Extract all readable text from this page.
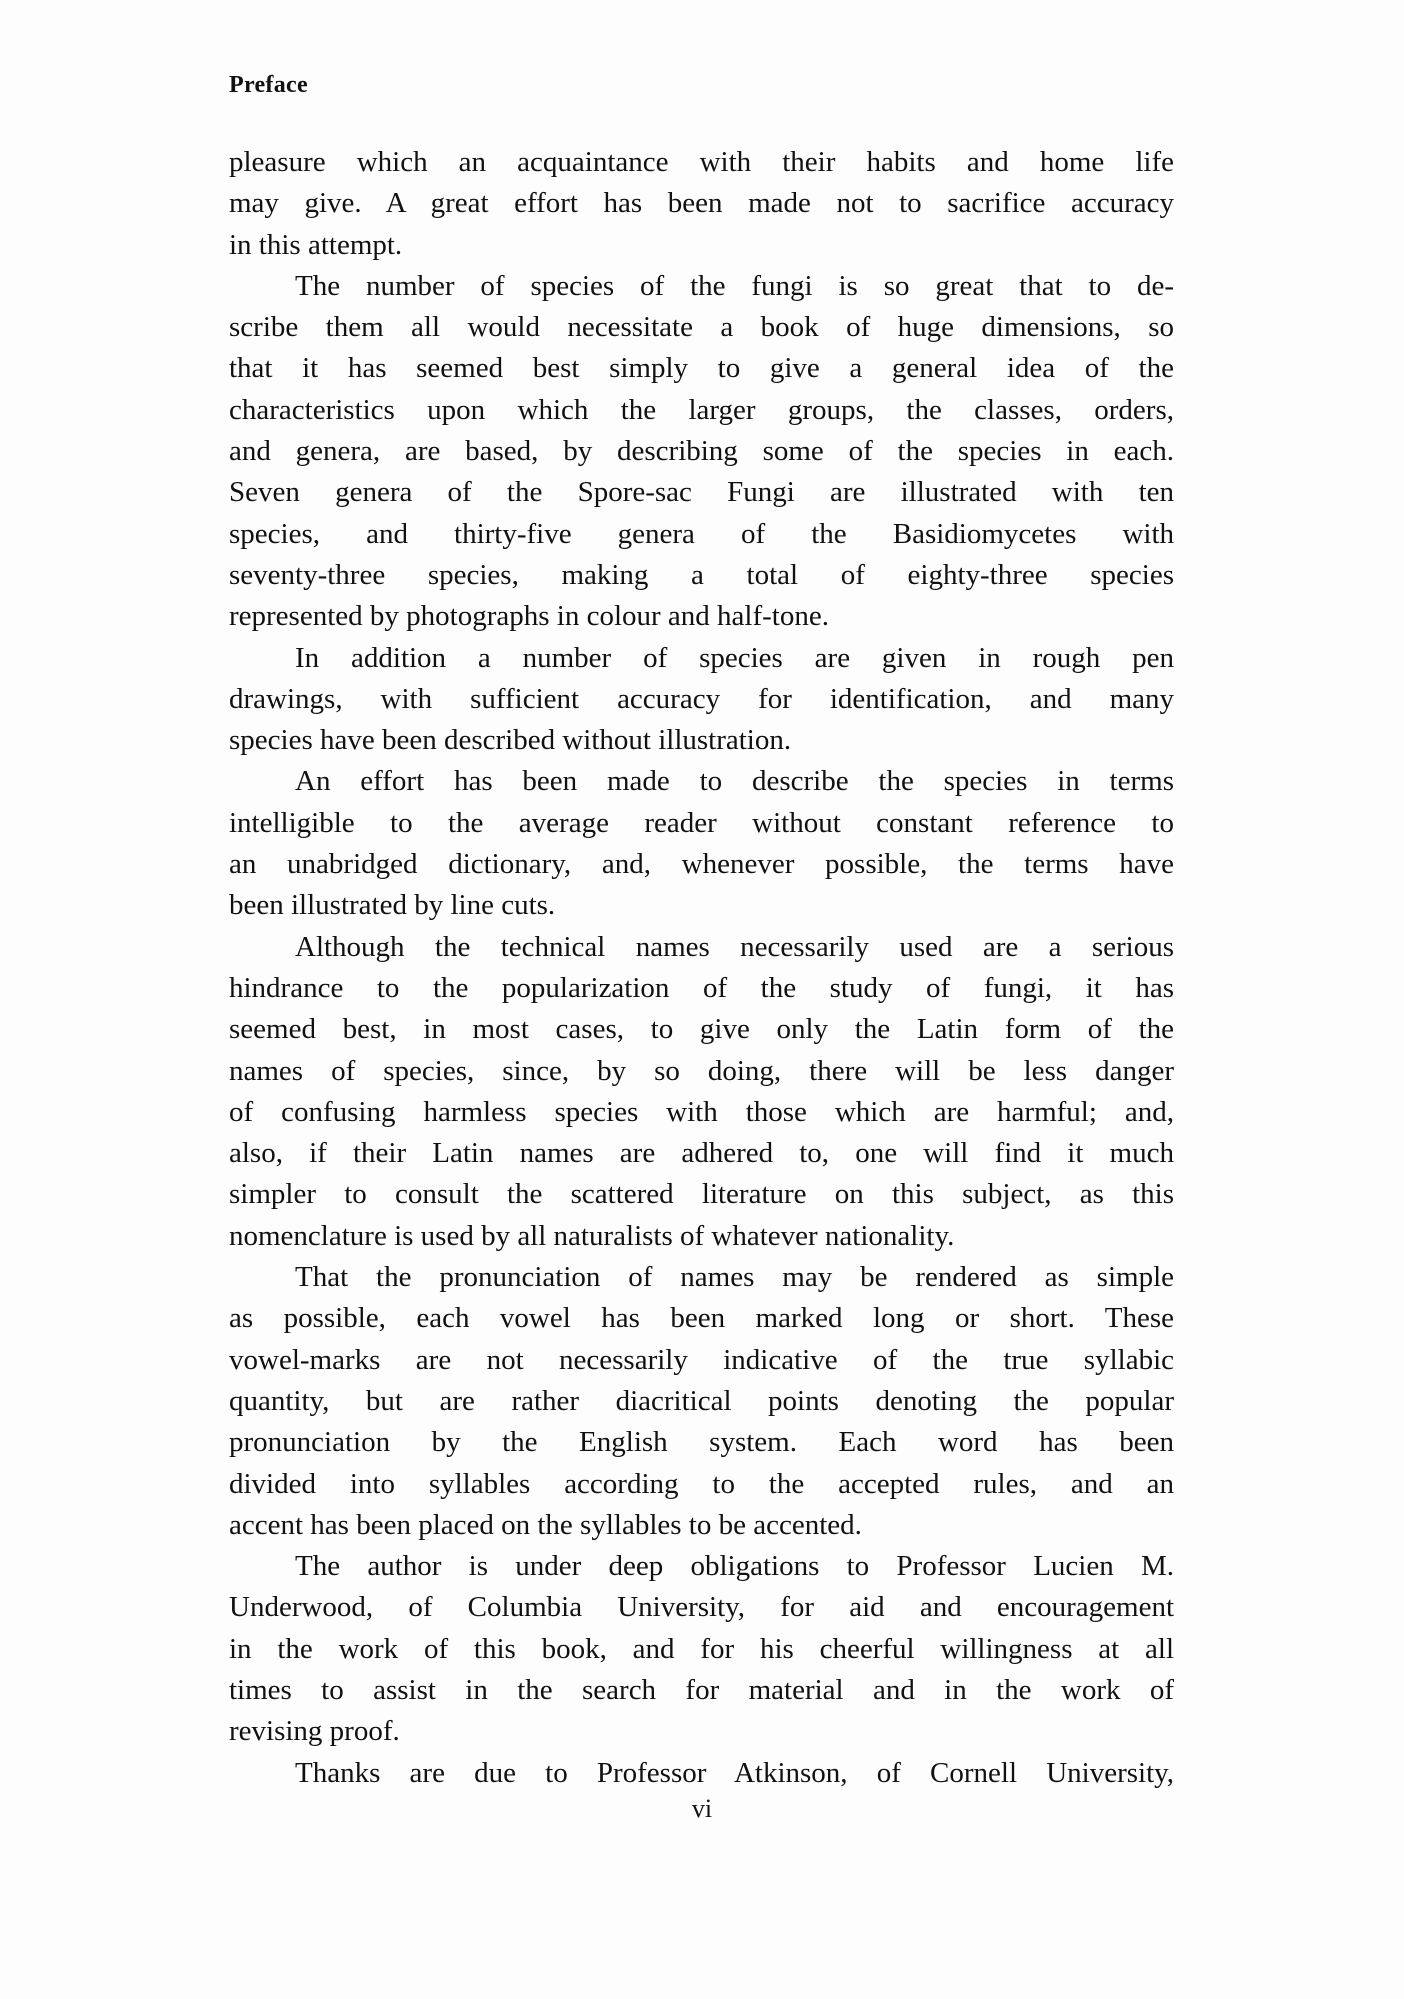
Preface
pleasure which an acquaintance with their habits and home life
may give. A great effort has been made not to sacrifice accuracy
in this attempt.
The number of species of the fungi is so great that to de-
scribe them all would necessitate a book of huge dimensions, so
that it has seemed best simply to give a general idea of the
characteristics upon which the larger groups, the classes, orders,
and genera, are based, by describing some of the species in each.
Seven genera of the Spore-sac Fungi are illustrated with ten
species, and thirty-five genera of the Basidiomycetes with
seventy-three species, making a total of eighty-three species
represented by photographs in colour and half-tone.
In addition a number of species are given in rough pen
drawings, with sufficient accuracy for identification, and many
species have been described without illustration.
An effort has been made to describe the species in terms
intelligible to the average reader without constant reference to
an unabridged dictionary, and, whenever possible, the terms have
been illustrated by line cuts.
Although the technical names necessarily used are a serious
hindrance to the popularization of the study of fungi, it has
seemed best, in most cases, to give only the Latin form of the
names of species, since, by so doing, there will be less danger
of confusing harmless species with those which are harmful; and,
also, if their Latin names are adhered to, one will find it much
simpler to consult the scattered literature on this subject, as this
nomenclature is used by all naturalists of whatever nationality.
That the pronunciation of names may be rendered as simple
as possible, each vowel has been marked long or short. These
vowel-marks are not necessarily indicative of the true syllabic
quantity, but are rather diacritical points denoting the popular
pronunciation by the English system. Each word has been
divided into syllables according to the accepted rules, and an
accent has been placed on the syllables to be accented.
The author is under deep obligations to Professor Lucien M.
Underwood, of Columbia University, for aid and encouragement
in the work of this book, and for his cheerful willingness at all
times to assist in the search for material and in the work of
revising proof.
Thanks are due to Professor Atkinson, of Cornell University,
vi
